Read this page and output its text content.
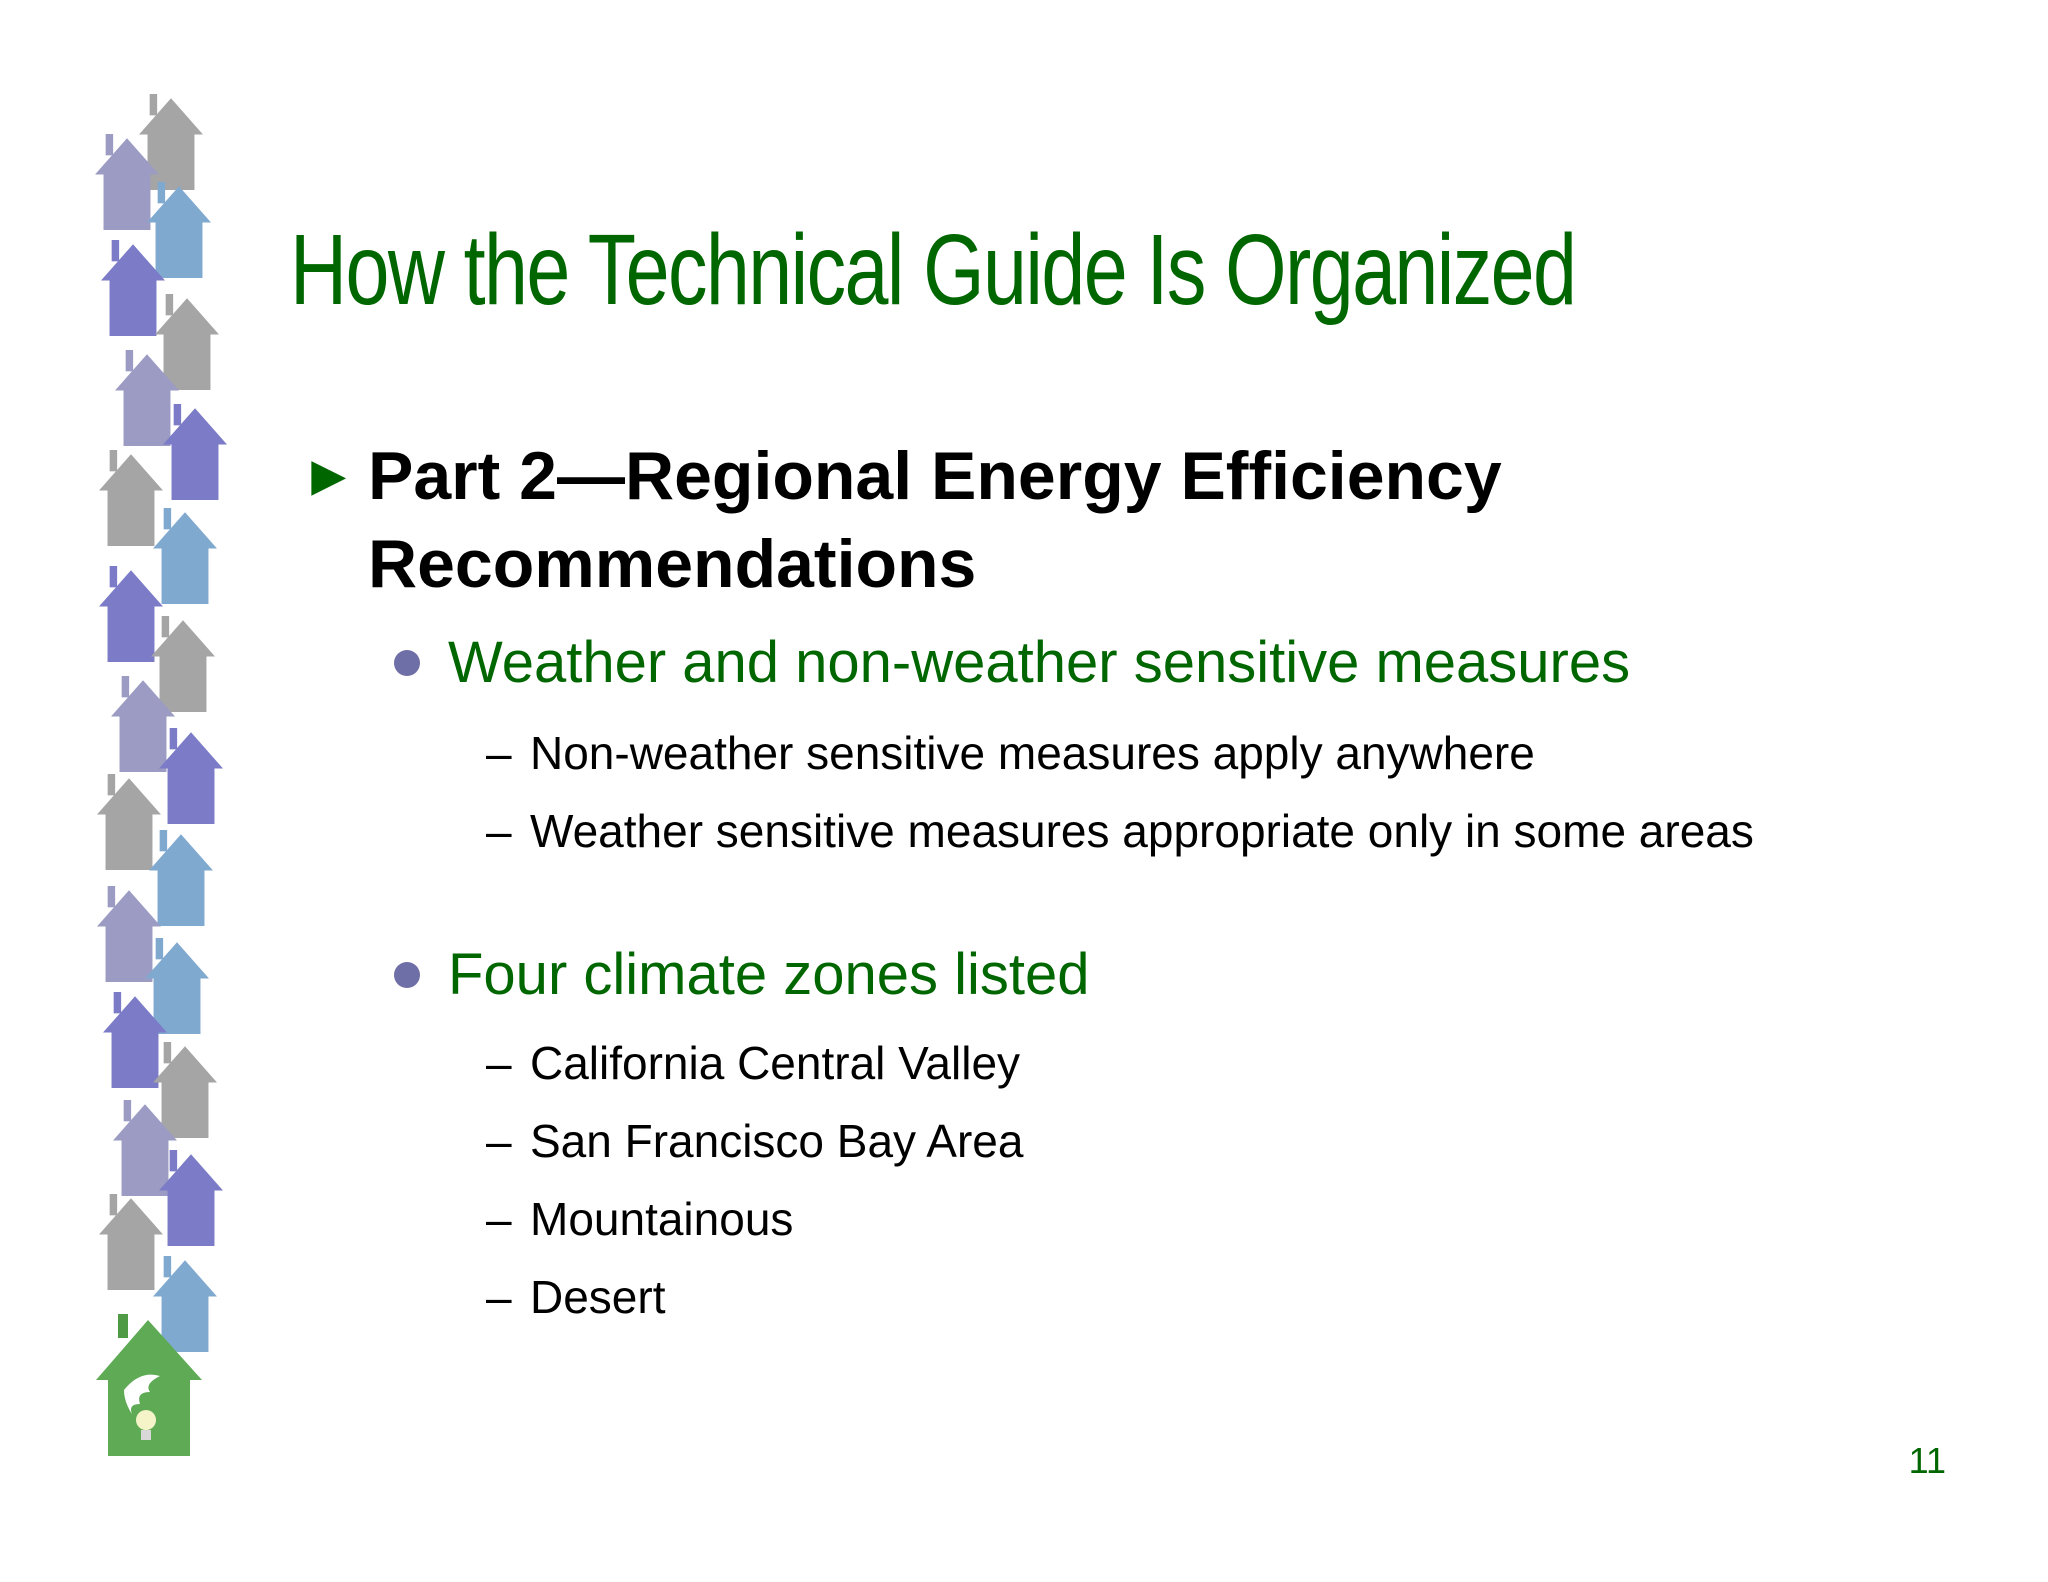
How the Technical Guide Is Organized
► Part 2—Regional Energy Efficiency Recommendations
Weather and non-weather sensitive measures
– Non-weather sensitive measures apply anywhere
– Weather sensitive measures appropriate only in some areas
Four climate zones listed
– California Central Valley
– San Francisco Bay Area
– Mountainous
– Desert
11
